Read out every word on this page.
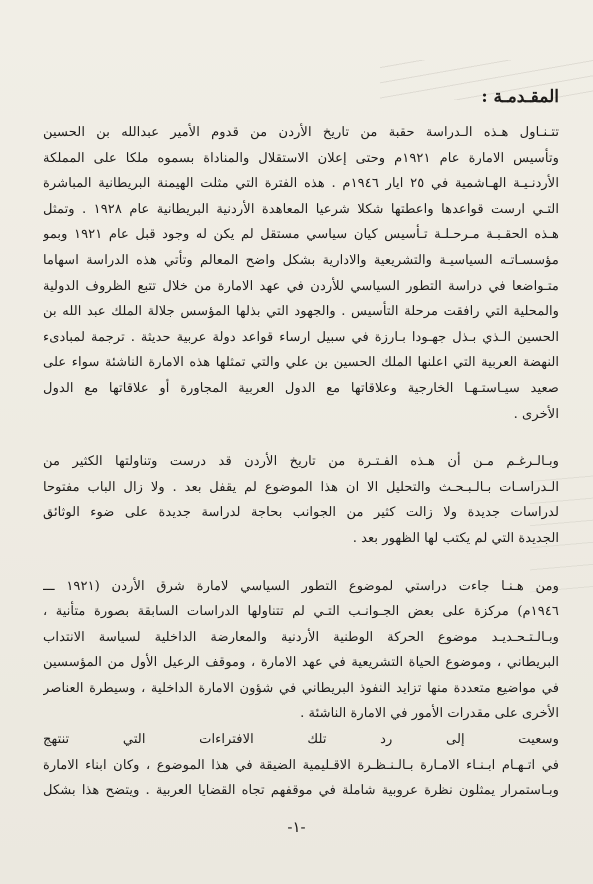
المقـدمـة :

تتـنـاول هـذه الـدراسة حقبة من تاريخ الأردن من قدوم الأمير عبدالله بن الحسين
وتأسيس الامارة عام ١٩٢١م وحتى إعلان الاستقلال والمناداة بسموه ملكا على المملكة
الأردنـيـة الهـاشمية في ٢٥ ايار ١٩٤٦م . هذه الفترة التي مثلت الهيمنة البريطانية المباشرة
التـي ارست قواعدها واعطتها شكلا شرعيا المعاهدة الأردنية البريطانية عام ١٩٢٨ . وتمثل
هـذه الحقـبـة مـرحـلـة تـأسيس كيان سياسي مستقل لم يكن له وجود قبل عام ١٩٢١ وبمو
مؤسسـاتـه السياسيـة والتشريعية والادارية بشكل واضح المعالم وتأتي هذه الدراسة اسهاما
متـواضعا في دراسة التطور السياسي للأردن في عهد الامارة من خلال تتبع الظروف الدولية
والمحلية التي رافقت مرحلة التأسيس . والجهود التي بذلها المؤسس جلالة الملك عبد الله بن
الحسين الـذي بـذل جهـودا بـارزة في سبيل ارساء قواعد دولة عربية حديثة . ترجمة لمبادىء
النهضة العربية التي اعلنها الملك الحسين بن علي والتي تمثلها هذه الامارة الناشئة سواء على
صعيد سيـاستـهـا الخارجية وعلاقاتها مع الدول العربية المجاورة أو علاقاتها مع الدول
الأخرى .

وبـالـرغـم مـن أن هـذه الفـتـرة من تاريخ الأردن قد درست وتناولتها الكثير من
الـدراسـات بـالـبـحـث والتحليل الا ان هذا الموضوع لم يقفل بعد . ولا زال الباب مفتوحا
لدراسات جديدة ولا زالت كثير من الجوانب بحاجة لدراسة جديدة على ضوء الوثائق
الجديدة التي لم يكتب لها الظهور بعد .

ومن هـنـا جاءت دراستي لموضوع التطور السياسي لامارة شرق الأردن (١٩٢١ ـــ
١٩٤٦م) مركزة على بعض الجـوانـب التـي لم تتناولها الدراسات السابقة بصورة متأنية ،
وبـالـتـحـديـد موضوع الحركة الوطنية الأردنية والمعارضة الداخلية لسياسة الانتداب
البريطاني ، وموضوع الحياة التشريعية في عهد الامارة ، وموقف الرعيل الأول من المؤسسين
في مواضيع متعددة منها تزايد النفوذ البريطاني في شؤون الامارة الداخلية ، وسيطرة العناصر
الأخرى على مقدرات الأمور في الامارة الناشئة .
وسعيت إلى رد تلك الافتراءات التي تنتهج
في اتـهـام ابـنـاء الامـارة بـالـنـظـرة الاقـليمية الضيقة في هذا الموضوع ، وكان ابناء الامارة
وبـاستمرار يمثلون نظرة عروبية شاملة في موقفهم تجاه القضايا العربية . ويتضح هذا بشكل

-١-
